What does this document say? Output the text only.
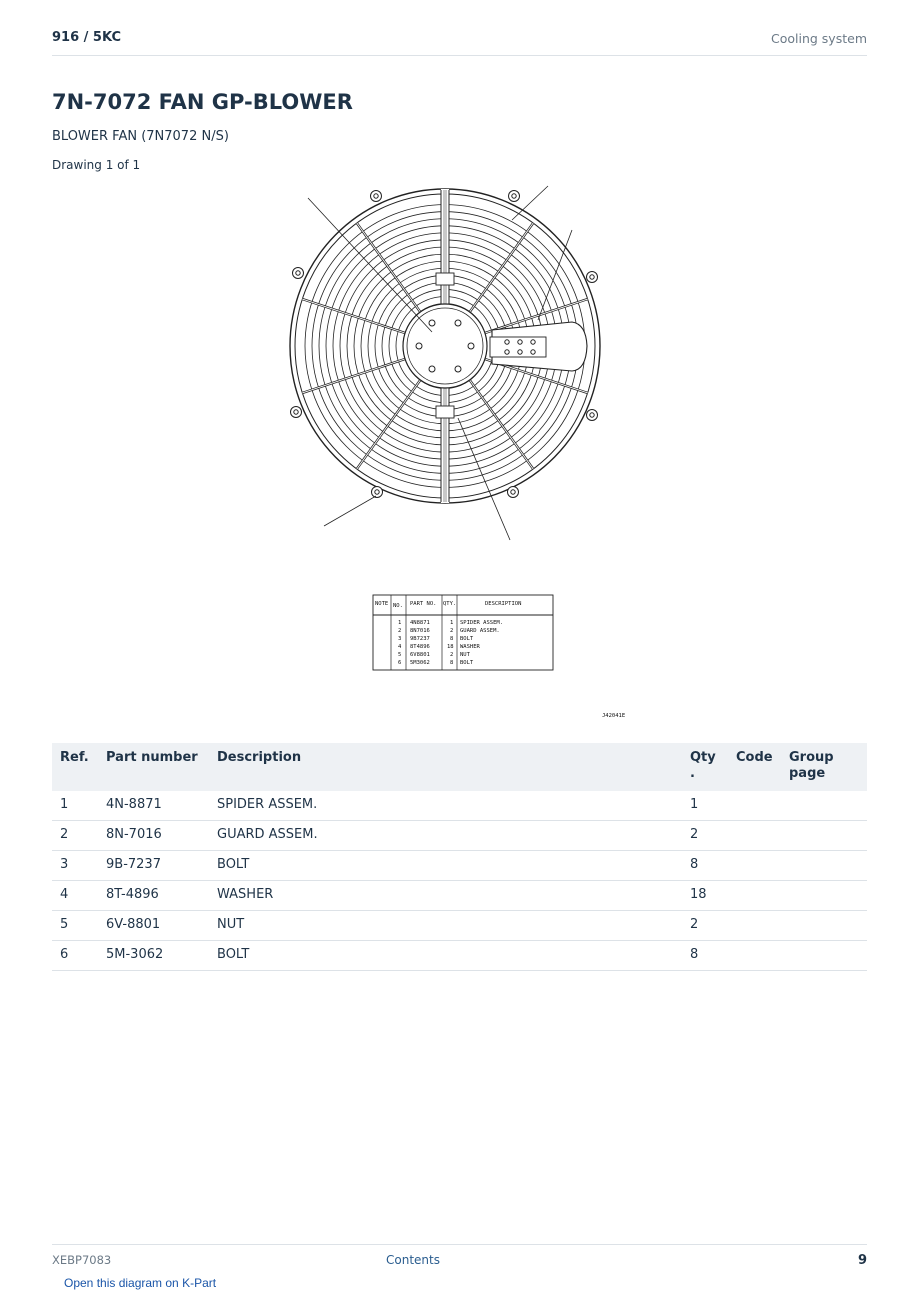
916 / 5KC	Cooling system
7N-7072 FAN GP-BLOWER
BLOWER FAN (7N7072 N/S)
Drawing 1 of 1
NOTE NO. PART NO. QTY.	DESCRIPTION
1 4N8871	1 SPIDER ASSEM.
2 8N7016	2 GUARD ASSEM.
3 9B7237	8 BOLT
4 8T4896	18 WASHER
5 6V8801	2 NUT
6 5M3062	8 BOLT
J42041E
Ref.	Part number	Description	Qty .	Code	Group page
1	4N-8871	SPIDER ASSEM.	1		
2	8N-7016	GUARD ASSEM.	2		
3	9B-7237	BOLT	8		
4	8T-4896	WASHER	18		
5	6V-8801	NUT	2		
6	5M-3062	BOLT	8		
XEBP7083	Contents	9
Open this diagram on K-Part
